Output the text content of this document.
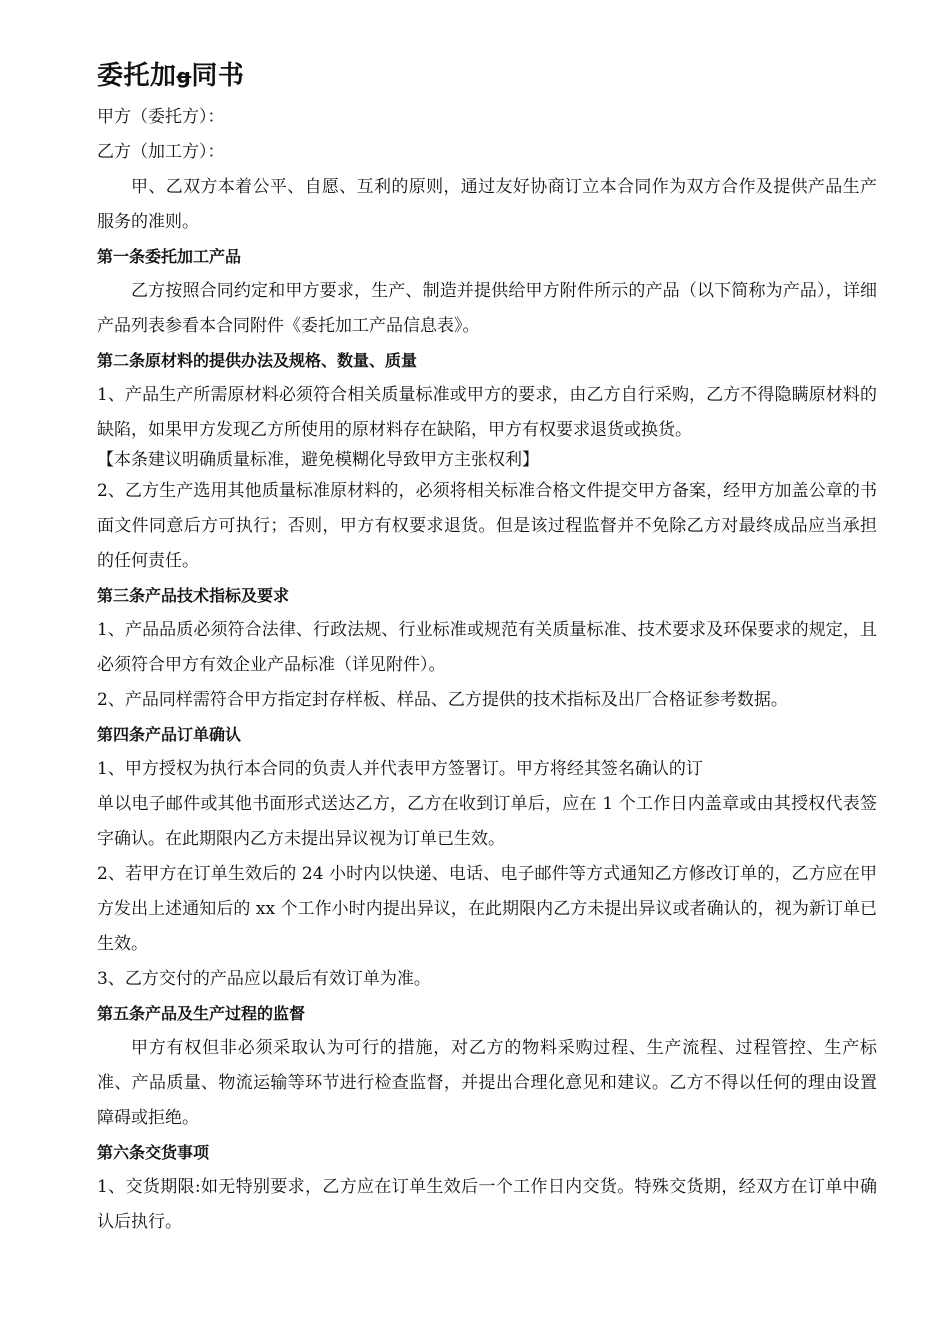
委托加g同书

甲方（委托方）：

乙方（加工方）：

甲、乙双方本着公平、自愿、互利的原则，通过友好协商订立本合同作为双方合作及提供产品生产服务的准则。

第一条委托加工产品

乙方按照合同约定和甲方要求，生产、制造并提供给甲方附件所示的产品（以下简称为产品），详细产品列表参看本合同附件《委托加工产品信息表》。

第二条原材料的提供办法及规格、数量、质量

1、产品生产所需原材料必须符合相关质量标准或甲方的要求，由乙方自行采购，乙方不得隐瞒原材料的缺陷，如果甲方发现乙方所使用的原材料存在缺陷，甲方有权要求退货或换货。

【本条建议明确质量标准，避免模糊化导致甲方主张权利】

2、乙方生产选用其他质量标准原材料的，必须将相关标准合格文件提交甲方备案，经甲方加盖公章的书面文件同意后方可执行；否则，甲方有权要求退货。但是该过程监督并不免除乙方对最终成品应当承担的任何责任。

第三条产品技术指标及要求

1、产品品质必须符合法律、行政法规、行业标准或规范有关质量标准、技术要求及环保要求的规定，且必须符合甲方有效企业产品标准（详见附件）。

2、产品同样需符合甲方指定封存样板、样品、乙方提供的技术指标及出厂合格证参考数据。

第四条产品订单确认

1、甲方授权为执行本合同的负责人并代表甲方签署订。甲方将经其签名确认的订

单以电子邮件或其他书面形式送达乙方，乙方在收到订单后，应在 1 个工作日内盖章或由其授权代表签字确认。在此期限内乙方未提出异议视为订单已生效。

2、若甲方在订单生效后的 24 小时内以快递、电话、电子邮件等方式通知乙方修改订单的，乙方应在甲方发出上述通知后的 xx 个工作小时内提出异议，在此期限内乙方未提出异议或者确认的，视为新订单已生效。

3、乙方交付的产品应以最后有效订单为准。

第五条产品及生产过程的监督

甲方有权但非必须采取认为可行的措施，对乙方的物料采购过程、生产流程、过程管控、生产标准、产品质量、物流运输等环节进行检查监督，并提出合理化意见和建议。乙方不得以任何的理由设置障碍或拒绝。

第六条交货事项

1、交货期限:如无特别要求，乙方应在订单生效后一个工作日内交货。特殊交货期，经双方在订单中确认后执行。
